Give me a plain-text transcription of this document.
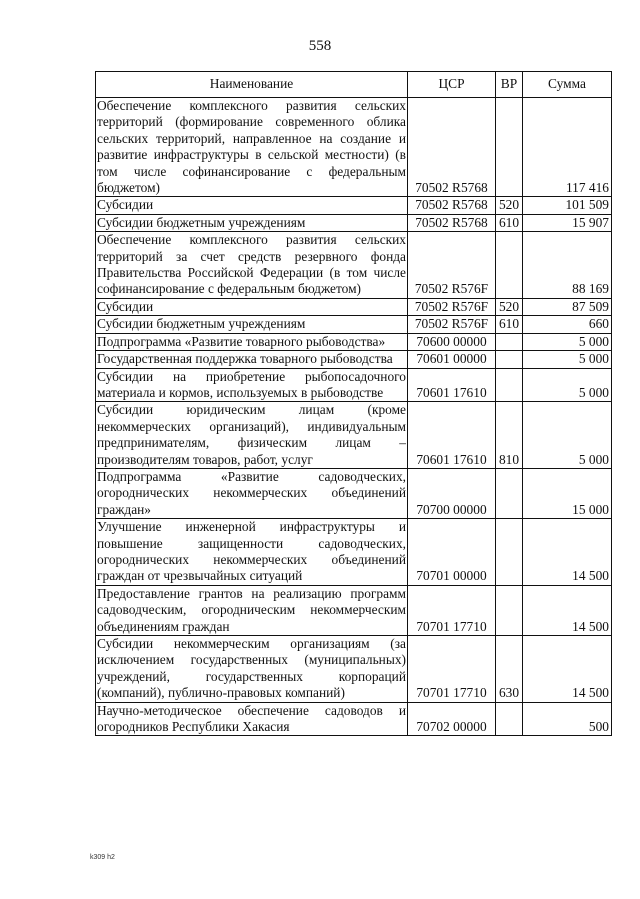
558
Наименование	ЦСР	ВР	Сумма
Обеспечение комплексного развития сельских территорий (формирование современного облика сельских территорий, направленное на создание и развитие инфраструктуры в сельской местности) (в том числе софинансирование с федеральным бюджетом)	70502 R5768		117 416
Субсидии	70502 R5768	520	101 509
Субсидии бюджетным учреждениям	70502 R5768	610	15 907
Обеспечение комплексного развития сельских территорий за счет средств резервного фонда Правительства Российской Федерации (в том числе софинансирование с федеральным бюджетом)	70502 R576F		88 169
Субсидии	70502 R576F	520	87 509
Субсидии бюджетным учреждениям	70502 R576F	610	660
Подпрограмма «Развитие товарного рыбоводства»	70600 00000		5 000
Государственная поддержка товарного рыбоводства	70601 00000		5 000
Субсидии на приобретение рыбопосадочного материала и кормов, используемых в рыбоводстве	70601 17610		5 000
Субсидии юридическим лицам (кроме некоммерческих организаций), индивидуальным предпринимателям, физическим лицам – производителям товаров, работ, услуг	70601 17610	810	5 000
Подпрограмма «Развитие садоводческих, огороднических некоммерческих объединений граждан»	70700 00000		15 000
Улучшение инженерной инфраструктуры и повышение защищенности садоводческих, огороднических некоммерческих объединений граждан от чрезвычайных ситуаций	70701 00000		14 500
Предоставление грантов на реализацию программ садоводческим, огородническим некоммерческим объединениям граждан	70701 17710		14 500
Субсидии некоммерческим организациям (за исключением государственных (муниципальных) учреждений, государственных корпораций (компаний), публично-правовых компаний)	70701 17710	630	14 500
Научно-методическое обеспечение садоводов и огородников Республики Хакасия	70702 00000		500
k309 h2
